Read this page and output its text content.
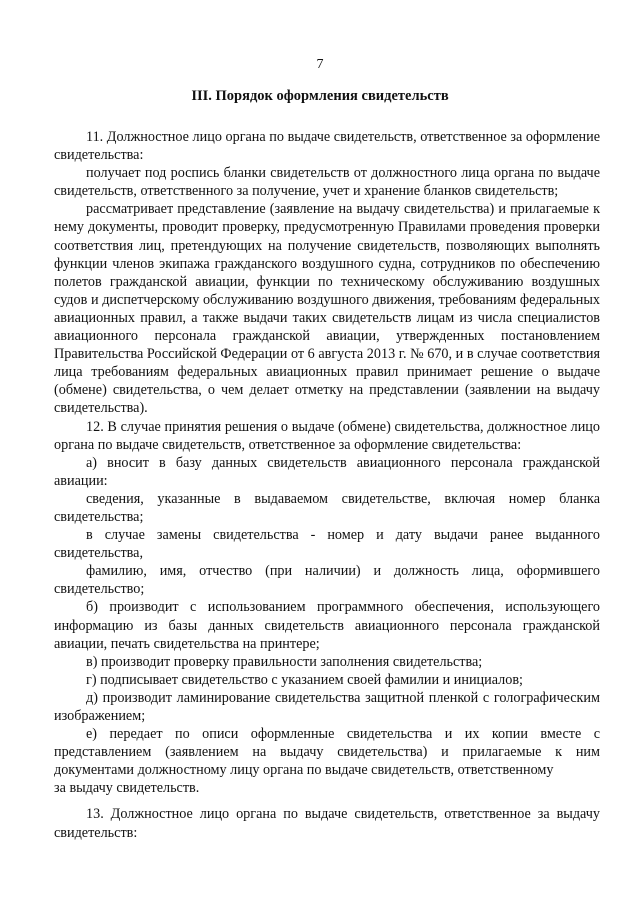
7
III. Порядок оформления свидетельств

11. Должностное лицо органа по выдаче свидетельств, ответственное за оформление свидетельства:

получает под роспись бланки свидетельств от должностного лица органа по выдаче свидетельств, ответственного за получение, учет и хранение бланков свидетельств;

рассматривает представление (заявление на выдачу свидетельства) и прилагаемые к нему документы, проводит проверку, предусмотренную Правилами проведения проверки соответствия лиц, претендующих на получение свидетельств, позволяющих выполнять функции членов экипажа гражданского воздушного судна, сотрудников по обеспечению полетов гражданской авиации, функции по техническому обслуживанию воздушных судов и диспетчерскому обслуживанию воздушного движения, требованиям федеральных авиационных правил, а также выдачи таких свидетельств лицам из числа специалистов авиационного персонала гражданской авиации, утвержденных постановлением Правительства Российской Федерации от 6 августа 2013 г. № 670, и в случае соответствия лица требованиям федеральных авиационных правил принимает решение о выдаче (обмене) свидетельства, о чем делает отметку на представлении (заявлении на выдачу свидетельства).

12. В случае принятия решения о выдаче (обмене) свидетельства, должностное лицо органа по выдаче свидетельств, ответственное за оформление свидетельства:

а) вносит в базу данных свидетельств авиационного персонала гражданской авиации:

сведения, указанные в выдаваемом свидетельстве, включая номер бланка свидетельства;

в случае замены свидетельства - номер и дату выдачи ранее выданного свидетельства,

фамилию, имя, отчество (при наличии) и должность лица, оформившего свидетельство;

б) производит с использованием программного обеспечения, использующего информацию из базы данных свидетельств авиационного персонала гражданской авиации, печать свидетельства на принтере;

в) производит проверку правильности заполнения свидетельства;

г) подписывает свидетельство с указанием своей фамилии и инициалов;

д) производит ламинирование свидетельства защитной пленкой с голографическим изображением;

е) передает по описи оформленные свидетельства и их копии вместе с представлением (заявлением на выдачу свидетельства) и прилагаемые к ним документами должностному лицу органа по выдаче свидетельств, ответственному

за выдачу свидетельств.

13. Должностное лицо органа по выдаче свидетельств, ответственное за выдачу свидетельств:
